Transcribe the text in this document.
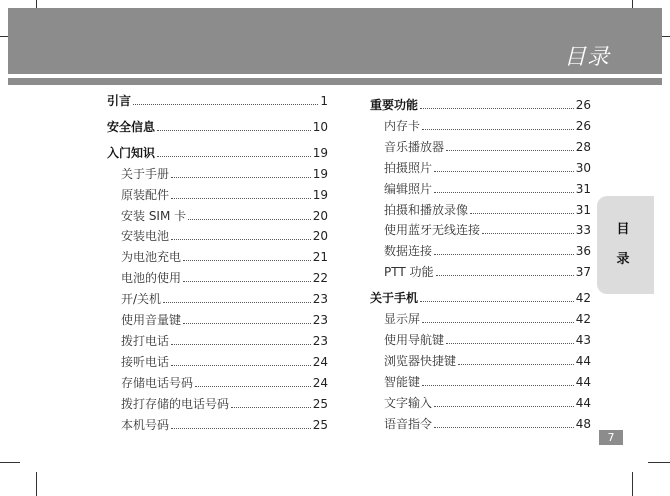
目录
引言	1
安全信息	10
入门知识	19
关于手册	19
原装配件	19
安装 SIM 卡	20
安装电池	20
为电池充电	21
电池的使用	22
开/关机	23
使用音量键	23
拨打电话	23
接听电话	24
存储电话号码	24
拨打存储的电话号码	25
本机号码	25
重要功能	26
内存卡	26
音乐播放器	28
拍摄照片	30
编辑照片	31
拍摄和播放录像	31
使用蓝牙无线连接	33
数据连接	36
PTT 功能	37
关于手机	42
显示屏	42
使用导航键	43
浏览器快捷键	44
智能键	44
文字输入	44
语音指令	48
目
录
7
